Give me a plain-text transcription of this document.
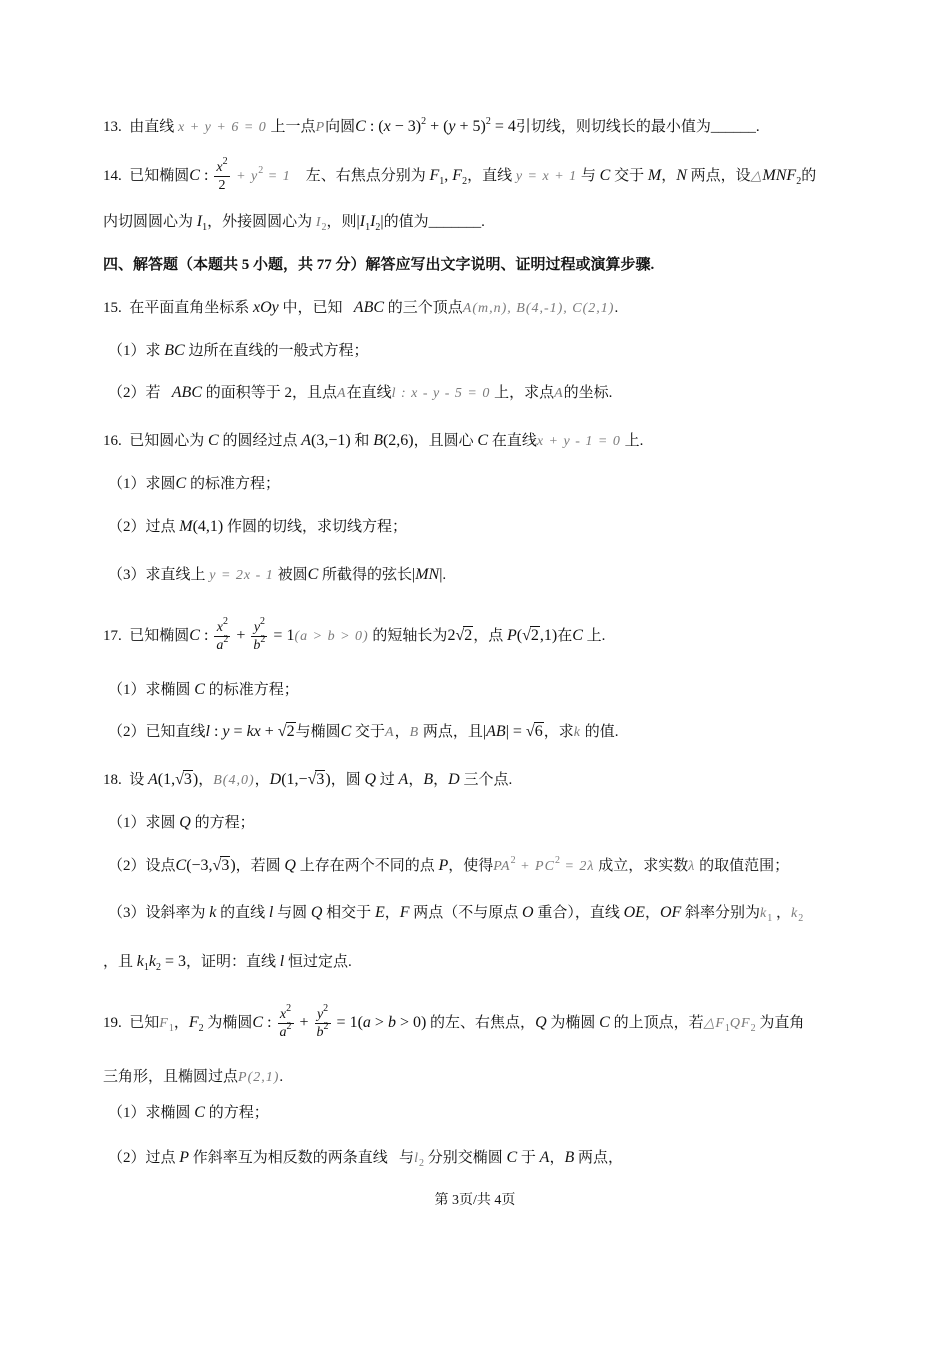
13.  由直线 x + y + 6 = 0 上一点P向圆C : $(x - 3)^2 + (y + 5)^2 = 4$引切线，则切线长的最小值为______.
14.  已知椭圆C : $\frac{x^2}{2} + y^2 = 1$    左、右焦点分别为 $F_1$, $F_2$，直线 y = x + 1 与 C 交于 M，N 两点，设$\triangle MNF_2$的
内切圆圆心为 $I_1$，外接圆圆心为 $I_2$，则$|I_1I_2|$的值为_______.
四、解答题（本题共 5 小题，共 77 分）解答应写出文字说明、证明过程或演算步骤.
15.  在平面直角坐标系 xOy 中，已知   ABC 的三个顶点A(m,n), B(4,-1), C(2,1).
（1）求 BC 边所在直线的一般式方程；
（2）若   ABC 的面积等于 2，且点A在直线l : x - y - 5 = 0 上，求点A的坐标.
16.  已知圆心为 C 的圆经过点 A(3,−1) 和 B(2,6)，且圆心 C 在直线x + y - 1 = 0 上.
（1）求圆C 的标准方程；
（2）过点 M(4,1) 作圆的切线，求切线方程；
（3）求直线上 y = 2x - 1 被圆C 所截得的弦长|MN|.
17.  已知椭圆C : $\frac{x^2}{a^2} + \frac{y^2}{b^2} = 1(a > b > 0)$ 的短轴长为2√2，点 P(√2,1)在C 上.
（1）求椭圆 C 的标准方程；
（2）已知直线l : y = kx + √2与椭圆C 交于A，B 两点，且|AB| = √6，求k 的值.
18.  设 A(1,√3)，B(4,0)，D(1,−√3)，圆 Q 过 A，B，D 三个点.
（1）求圆 Q 的方程；
（2）设点C(−3,√3)，若圆 Q 上存在两个不同的点 P，使得$PA^2 + PC^2 = 2\lambda$ 成立，求实数λ 的取值范围；
（3）设斜率为 k 的直线 l 与圆 Q 相交于 E，F 两点（不与原点 O 重合），直线 OE，OF 斜率分别为$k_1$ ，$k_2$
，且 $k_1k_2 = 3$，证明：直线 l 恒过定点.
19.  已知$F_1$，$F_2$ 为椭圆C : $\frac{x^2}{a^2} + \frac{y^2}{b^2} = 1(a > b > 0)$ 的左、右焦点，Q 为椭圆 C 的上顶点，若$\triangle F_1QF_2$ 为直角
三角形，且椭圆过点P(2,1).
（1）求椭圆 C 的方程；
（2）过点 P 作斜率互为相反数的两条直线   与$l_2$ 分别交椭圆 C 于 A，B 两点，
第 3页/共 4页
